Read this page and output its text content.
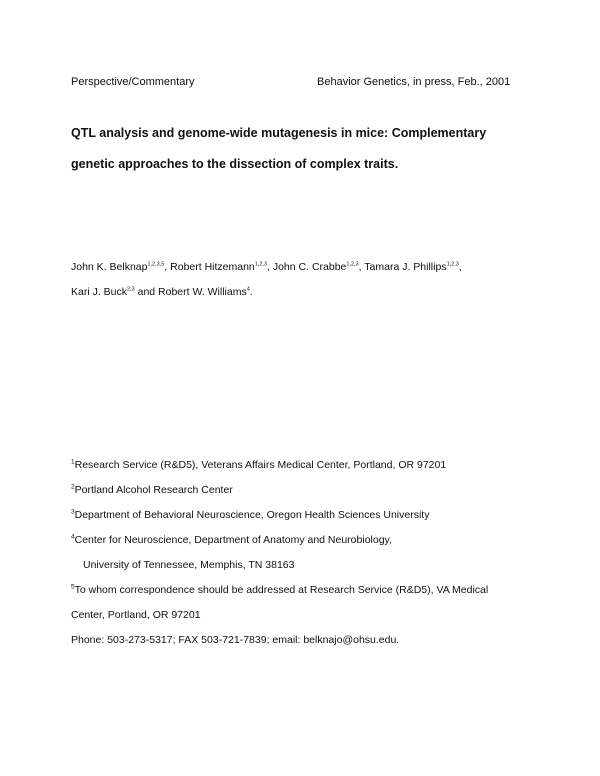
Perspective/Commentary	Behavior Genetics, in press, Feb., 2001
QTL analysis and genome-wide mutagenesis in mice: Complementary
genetic approaches to the dissection of complex traits.
John K. Belknap$^{1,2,3,5}$, Robert Hitzemann$^{1,2,3}$, John C. Crabbe$^{1,2,3}$, Tamara J. Phillips$^{1,2,3}$,
Kari J. Buck$^{2,3}$ and Robert W. Williams$^4$.
$^1$Research Service (R&D5), Veterans Affairs Medical Center, Portland, OR 97201
$^2$Portland Alcohol Research Center
$^3$Department of Behavioral Neuroscience, Oregon Health Sciences University
$^4$Center for Neuroscience, Department of Anatomy and Neurobiology,
University of Tennessee, Memphis, TN 38163
$^5$To whom correspondence should be addressed at Research Service (R&D5), VA Medical
Center, Portland, OR 97201
Phone: 503-273-5317; FAX 503-721-7839; email: belknajo@ohsu.edu.
